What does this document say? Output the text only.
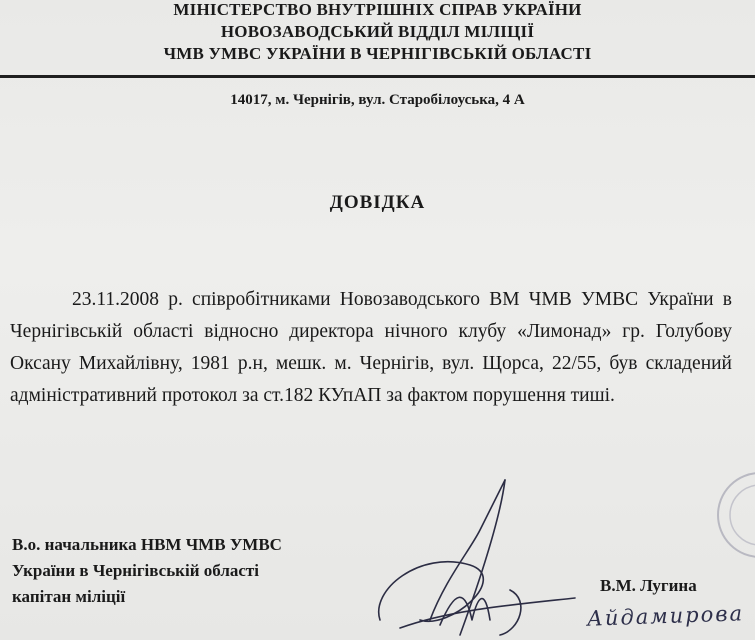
МІНІСТЕРСТВО ВНУТРІШНІХ СПРАВ УКРАЇНИ
НОВОЗАВОДСЬКИЙ ВІДДІЛ МІЛІЦІЇ
ЧМВ УМВС УКРАЇНИ В ЧЕРНІГІВСЬКІЙ ОБЛАСТІ
14017, м. Чернігів, вул. Старобілоуська, 4 А
ДОВІДКА
23.11.2008 р. співробітниками Новозаводського ВМ ЧМВ УМВС України в Чернігівській області відносно директора нічного клубу «Лимонад» гр. Голубову Оксану Михайлівну, 1981 р.н, мешк. м. Чернігів, вул. Щорса, 22/55, був складений адміністративний протокол за ст.182 КУпАП за фактом порушення тиші.
В.о. начальника НВМ ЧМВ УМВС
України в Чернігівській області
капітан міліції
В.М. Лугина
Айдамирова
